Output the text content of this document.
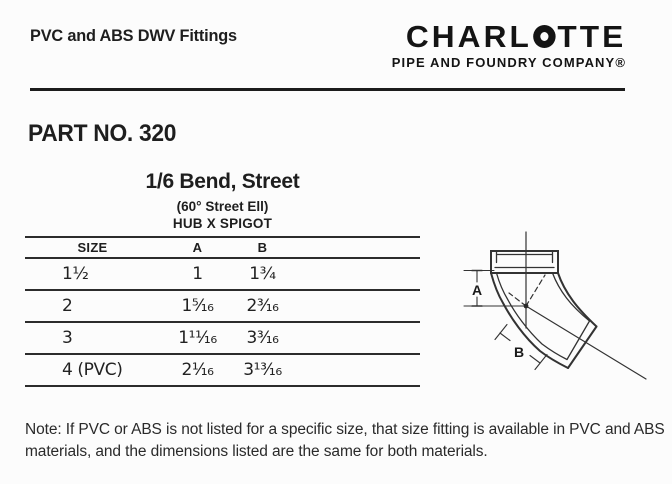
PVC and ABS DWV Fittings	CHARL TTE
PIPE AND FOUNDRY COMPANY®
PART NO. 320
1/6 Bend, Street
(60° Street Ell)
HUB X SPIGOT
SIZE	A	B	
1½	1	1¾	
2	1⁵⁄₁₆	2³⁄₁₆	
3	1¹¹⁄₁₆	3³⁄₁₆	
4 (PVC)	2¹⁄₁₆	3¹³⁄₁₆	
A
B
Note: If PVC or ABS is not listed for a specific size, that size fitting is available in PVC and ABS materials, and the dimensions listed are the same for both materials.
